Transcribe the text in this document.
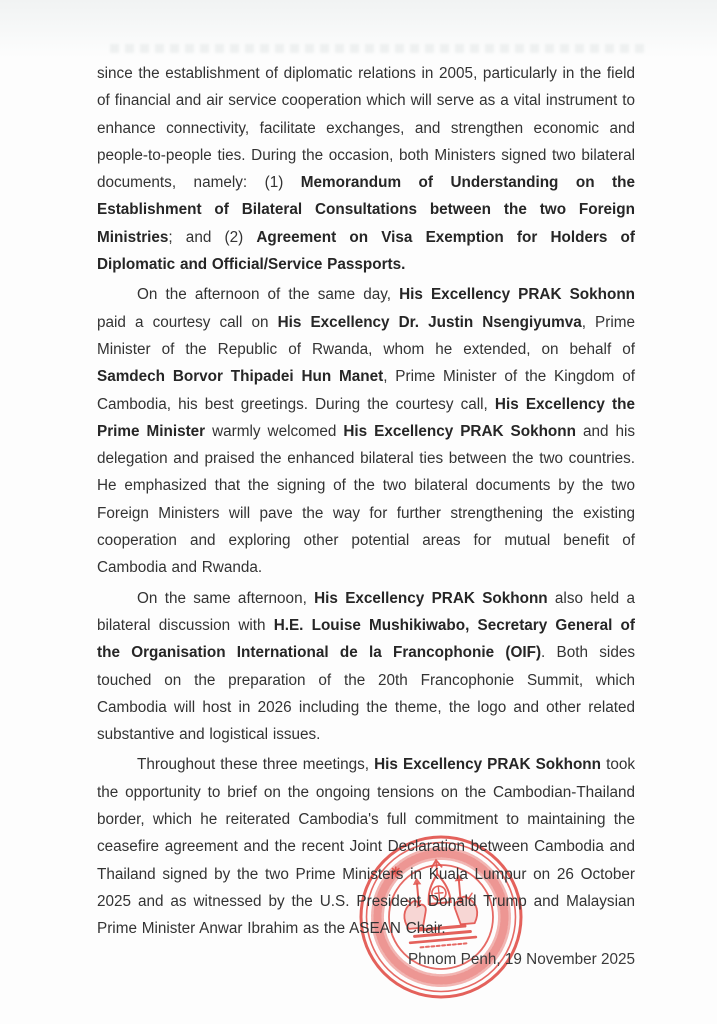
since the establishment of diplomatic relations in 2005, particularly in the field of financial and air service cooperation which will serve as a vital instrument to enhance connectivity, facilitate exchanges, and strengthen economic and people-to-people ties. During the occasion, both Ministers signed two bilateral documents, namely: (1) Memorandum of Understanding on the Establishment of Bilateral Consultations between the two Foreign Ministries; and (2) Agreement on Visa Exemption for Holders of Diplomatic and Official/Service Passports.

On the afternoon of the same day, His Excellency PRAK Sokhonn paid a courtesy call on His Excellency Dr. Justin Nsengiyumva, Prime Minister of the Republic of Rwanda, whom he extended, on behalf of Samdech Borvor Thipadei Hun Manet, Prime Minister of the Kingdom of Cambodia, his best greetings. During the courtesy call, His Excellency the Prime Minister warmly welcomed His Excellency PRAK Sokhonn and his delegation and praised the enhanced bilateral ties between the two countries. He emphasized that the signing of the two bilateral documents by the two Foreign Ministers will pave the way for further strengthening the existing cooperation and exploring other potential areas for mutual benefit of Cambodia and Rwanda.

On the same afternoon, His Excellency PRAK Sokhonn also held a bilateral discussion with H.E. Louise Mushikiwabo, Secretary General of the Organisation International de la Francophonie (OIF). Both sides touched on the preparation of the 20th Francophonie Summit, which Cambodia will host in 2026 including the theme, the logo and other related substantive and logistical issues.

Throughout these three meetings, His Excellency PRAK Sokhonn took the opportunity to brief on the ongoing tensions on the Cambodian-Thailand border, which he reiterated Cambodia's full commitment to maintaining the ceasefire agreement and the recent Joint Declaration between Cambodia and Thailand signed by the two Prime Ministers in Kuala Lumpur on 26 October 2025 and as witnessed by the U.S. President Donald Trump and Malaysian Prime Minister Anwar Ibrahim as the ASEAN Chair.

Phnom Penh, 19 November 2025
